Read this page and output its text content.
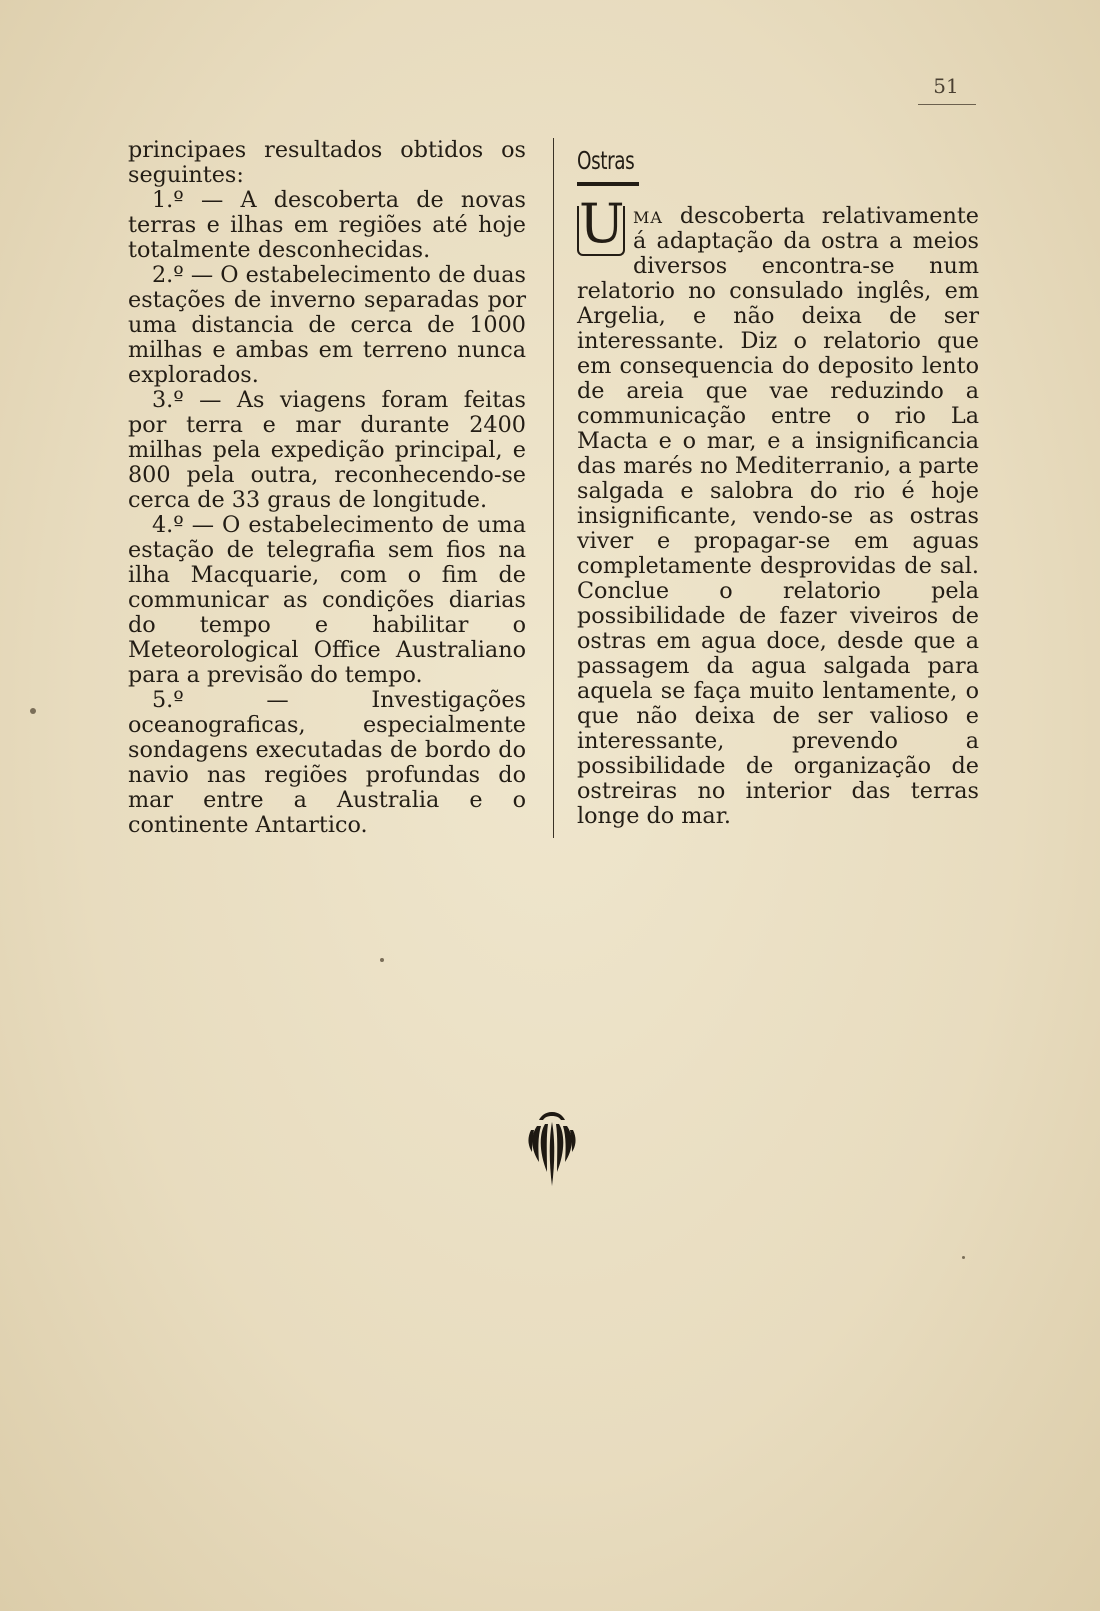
51

principaes resultados obtidos os seguintes:

1.º — A descoberta de novas terras e ilhas em regiões até hoje totalmente desconhecidas.

2.º — O estabelecimento de duas estações de inverno separadas por uma distancia de cerca de 1000 milhas e ambas em terreno nunca explorados.

3.º — As viagens foram feitas por terra e mar durante 2400 milhas pela expedição principal, e 800 pela outra, reconhecendo-se cerca de 33 graus de longitude.

4.º — O estabelecimento de uma estação de telegrafia sem fios na ilha Macquarie, com o fim de communicar as condições diarias do tempo e habilitar o Meteorological Office Australiano para a previsão do tempo.

5.º — Investigações oceanograficas, especialmente sondagens executadas de bordo do navio nas regiões profundas do mar entre a Australia e o continente Antartico.

Ostras

U ma descoberta relativamente á adaptação da ostra a meios diversos encontra-se num relatorio no consulado inglês, em Argelia, e não deixa de ser interessante. Diz o relatorio que em consequencia do deposito lento de areia que vae reduzindo a communicação entre o rio La Macta e o mar, e a insignificancia das marés no Mediterranio, a parte salgada e salobra do rio é hoje insignificante, vendo-se as ostras viver e propagar-se em aguas completamente desprovidas de sal. Conclue o relatorio pela possibilidade de fazer viveiros de ostras em agua doce, desde que a passagem da agua salgada para aquela se faça muito lentamente, o que não deixa de ser valioso e interessante, prevendo a possibilidade de organização de ostreiras no interior das terras longe do mar.
